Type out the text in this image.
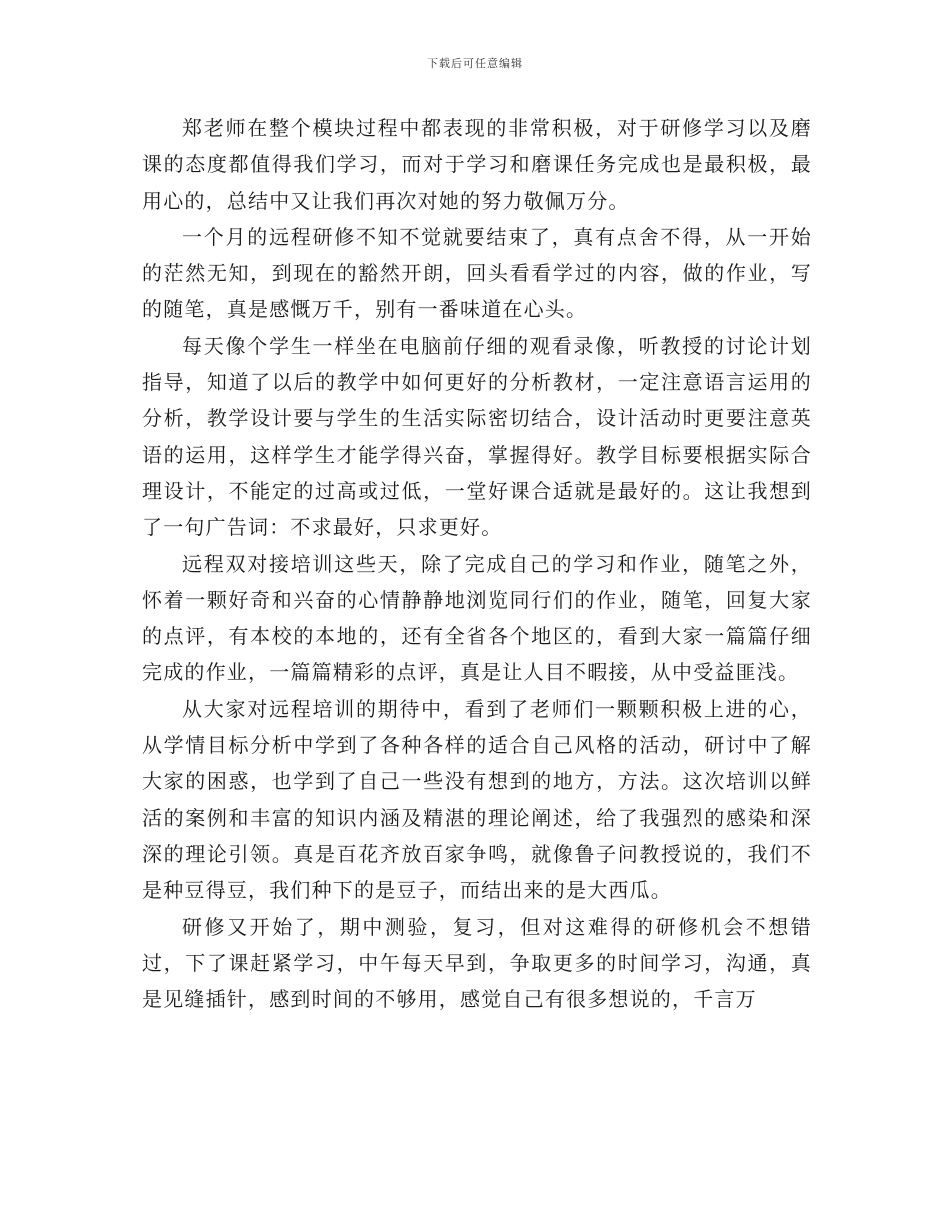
下载后可任意编辑

郑老师在整个模块过程中都表现的非常积极，对于研修学习以及磨课的态度都值得我们学习，而对于学习和磨课任务完成也是最积极，最用心的，总结中又让我们再次对她的努力敬佩万分。

一个月的远程研修不知不觉就要结束了，真有点舍不得，从一开始的茫然无知，到现在的豁然开朗，回头看看学过的内容，做的作业，写的随笔，真是感慨万千，别有一番味道在心头。

每天像个学生一样坐在电脑前仔细的观看录像，听教授的讨论计划指导，知道了以后的教学中如何更好的分析教材，一定注意语言运用的分析，教学设计要与学生的生活实际密切结合，设计活动时更要注意英语的运用，这样学生才能学得兴奋，掌握得好。教学目标要根据实际合理设计，不能定的过高或过低，一堂好课合适就是最好的。这让我想到了一句广告词：不求最好，只求更好。

远程双对接培训这些天，除了完成自己的学习和作业，随笔之外，怀着一颗好奇和兴奋的心情静静地浏览同行们的作业，随笔，回复大家的点评，有本校的本地的，还有全省各个地区的，看到大家一篇篇仔细完成的作业，一篇篇精彩的点评，真是让人目不暇接，从中受益匪浅。

从大家对远程培训的期待中，看到了老师们一颗颗积极上进的心，从学情目标分析中学到了各种各样的适合自己风格的活动，研讨中了解大家的困惑，也学到了自己一些没有想到的地方，方法。这次培训以鲜活的案例和丰富的知识内涵及精湛的理论阐述，给了我强烈的感染和深深的理论引领。真是百花齐放百家争鸣，就像鲁子问教授说的，我们不是种豆得豆，我们种下的是豆子，而结出来的是大西瓜。

研修又开始了，期中测验，复习，但对这难得的研修机会不想错过，下了课赶紧学习，中午每天早到，争取更多的时间学习，沟通，真是见缝插针，感到时间的不够用，感觉自己有很多想说的，千言万
